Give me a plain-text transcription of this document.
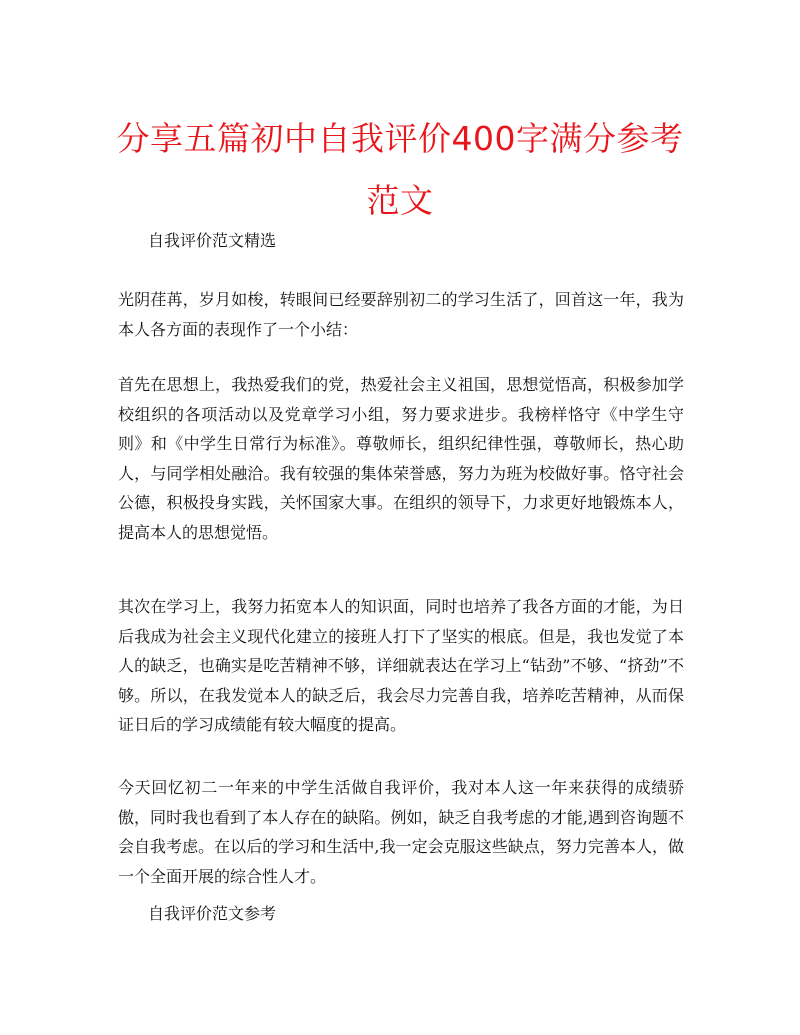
分享五篇初中自我评价400字满分参考范文
自我评价范文精选
光阴荏苒，岁月如梭，转眼间已经要辞别初二的学习生活了，回首这一年，我为本人各方面的表现作了一个小结：
首先在思想上，我热爱我们的党，热爱社会主义祖国，思想觉悟高，积极参加学校组织的各项活动以及党章学习小组，努力要求进步。我榜样恪守《中学生守则》和《中学生日常行为标准》。尊敬师长，组织纪律性强，尊敬师长，热心助人，与同学相处融洽。我有较强的集体荣誉感，努力为班为校做好事。恪守社会公德，积极投身实践，关怀国家大事。在组织的领导下，力求更好地锻炼本人，提高本人的思想觉悟。
其次在学习上，我努力拓宽本人的知识面，同时也培养了我各方面的才能，为日后我成为社会主义现代化建立的接班人打下了坚实的根底。但是，我也发觉了本人的缺乏，也确实是吃苦精神不够，详细就表达在学习上“钻劲”不够、“挤劲”不够。所以，在我发觉本人的缺乏后，我会尽力完善自我，培养吃苦精神，从而保证日后的学习成绩能有较大幅度的提高。
今天回忆初二一年来的中学生活做自我评价，我对本人这一年来获得的成绩骄傲，同时我也看到了本人存在的缺陷。例如，缺乏自我考虑的才能,遇到咨询题不会自我考虑。在以后的学习和生活中,我一定会克服这些缺点，努力完善本人，做一个全面开展的综合性人才。
自我评价范文参考
